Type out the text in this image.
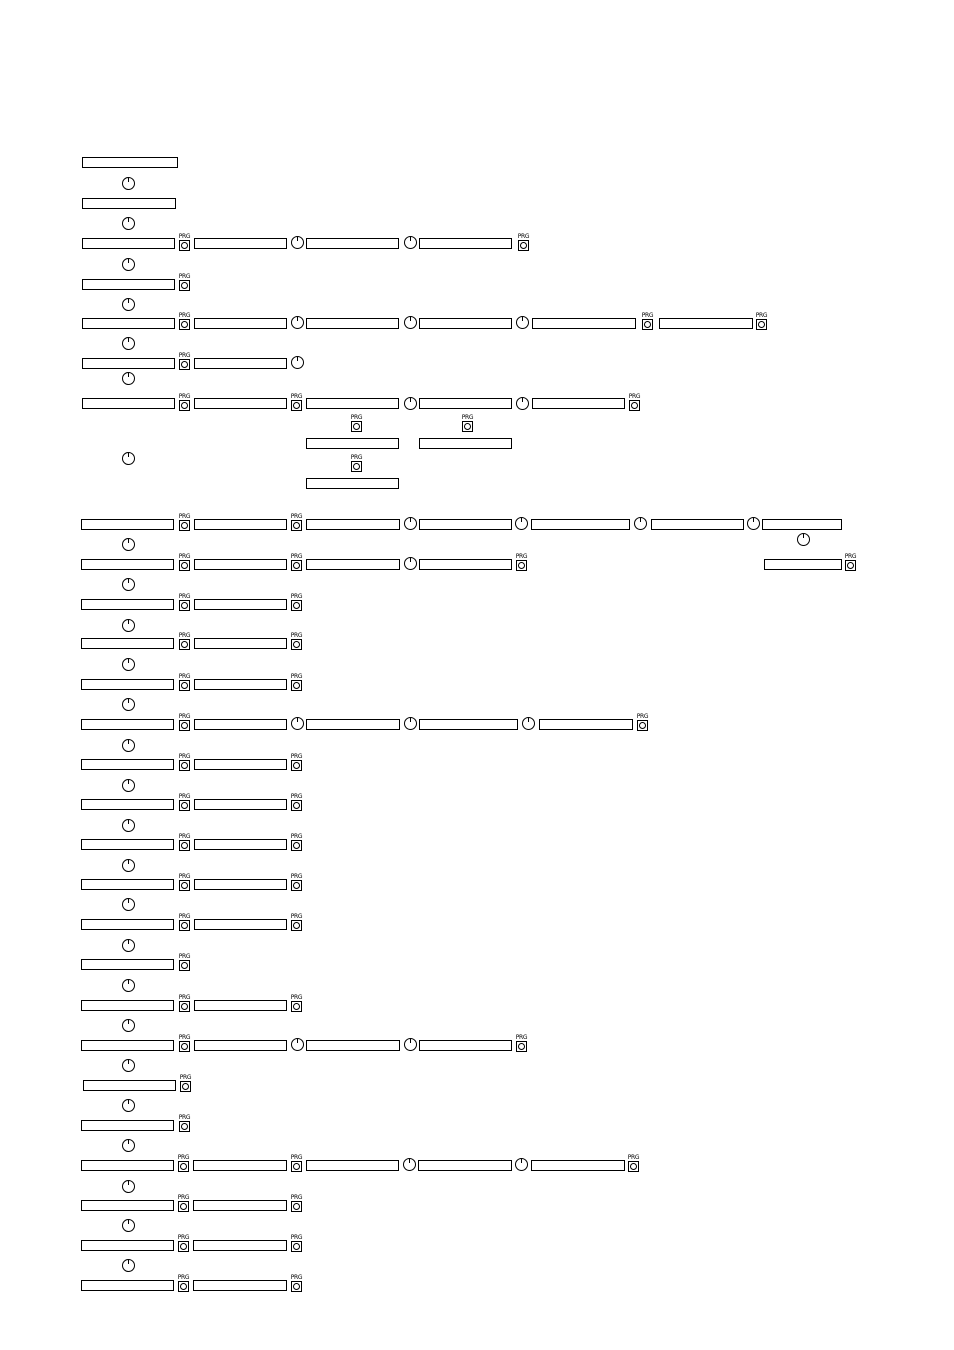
PRG	PRG
PRG
PRG	PRG	PRG
PRG
PRG	PRG	PRG
PRG	PRG
PRG
PRG	PRG
PRG	PRG	PRG	PRG
PRG	PRG
PRG	PRG
PRG	PRG
PRG	PRG
PRG	PRG
PRG	PRG
PRG	PRG
PRG	PRG
PRG	PRG
PRG
PRG	PRG
PRG	PRG
PRG
PRG
PRG	PRG	PRG
PRG	PRG
PRG	PRG
PRG	PRG
